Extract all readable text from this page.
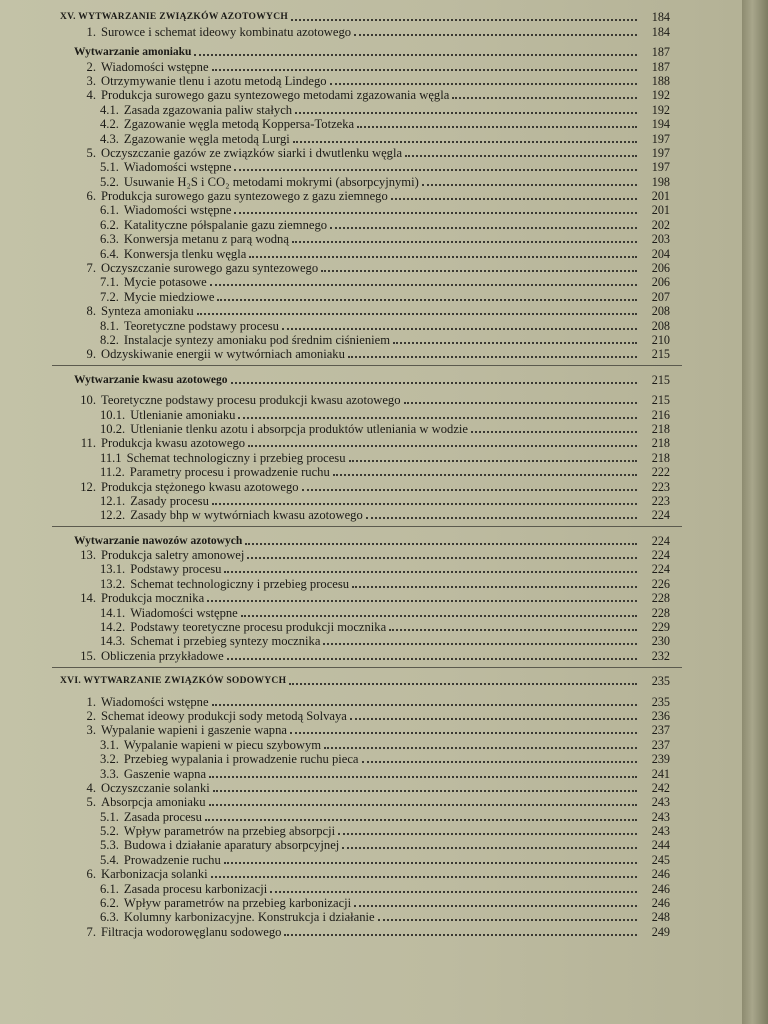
XV. WYTWARZANIE ZWIĄZKÓW AZOTOWYCH	184
1. Surowce i schemat ideowy kombinatu azotowego	184
Wytwarzanie amoniaku	187
2. Wiadomości wstępne	187
3. Otrzymywanie tlenu i azotu metodą Lindego	188
4. Produkcja surowego gazu syntezowego metodami zgazowania węgla	192
4.1. Zasada zgazowania paliw stałych	192
4.2. Zgazowanie węgla metodą Koppersa-Totzeka	194
4.3. Zgazowanie węgla metodą Lurgi	197
5. Oczyszczanie gazów ze związków siarki i dwutlenku węgla	197
5.1. Wiadomości wstępne	197
5.2. Usuwanie H₂S i CO₂ metodami mokrymi (absorpcyjnymi)	198
6. Produkcja surowego gazu syntezowego z gazu ziemnego	201
6.1. Wiadomości wstępne	201
6.2. Katalityczne półspalanie gazu ziemnego	202
6.3. Konwersja metanu z parą wodną	203
6.4. Konwersja tlenku węgla	204
7. Oczyszczanie surowego gazu syntezowego	206
7.1. Mycie potasowe	206
7.2. Mycie miedziowe	207
8. Synteza amoniaku	208
8.1. Teoretyczne podstawy procesu	208
8.2. Instalacje syntezy amoniaku pod średnim ciśnieniem	210
9. Odzyskiwanie energii w wytwórniach amoniaku	215
Wytwarzanie kwasu azotowego	215
10. Teoretyczne podstawy procesu produkcji kwasu azotowego	215
10.1. Utlenianie amoniaku	216
10.2. Utlenianie tlenku azotu i absorpcja produktów utleniania w wodzie	218
11. Produkcja kwasu azotowego	218
11.1 Schemat technologiczny i przebieg procesu	218
11.2. Parametry procesu i prowadzenie ruchu	222
12. Produkcja stężonego kwasu azotowego	223
12.1. Zasady procesu	223
12.2. Zasady bhp w wytwórniach kwasu azotowego	224
Wytwarzanie nawozów azotowych	224
13. Produkcja saletry amonowej	224
13.1. Podstawy procesu	224
13.2. Schemat technologiczny i przebieg procesu	226
14. Produkcja mocznika	228
14.1. Wiadomości wstępne	228
14.2. Podstawy teoretyczne procesu produkcji mocznika	229
14.3. Schemat i przebieg syntezy mocznika	230
15. Obliczenia przykładowe	232
XVI. WYTWARZANIE ZWIĄZKÓW SODOWYCH	235
1. Wiadomości wstępne	235
2. Schemat ideowy produkcji sody metodą Solvaya	236
3. Wypalanie wapieni i gaszenie wapna	237
3.1. Wypalanie wapieni w piecu szybowym	237
3.2. Przebieg wypalania i prowadzenie ruchu pieca	239
3.3. Gaszenie wapna	241
4. Oczyszczanie solanki	242
5. Absorpcja amoniaku	243
5.1. Zasada procesu	243
5.2. Wpływ parametrów na przebieg absorpcji	243
5.3. Budowa i działanie aparatury absorpcyjnej	244
5.4. Prowadzenie ruchu	245
6. Karbonizacja solanki	246
6.1. Zasada procesu karbonizacji	246
6.2. Wpływ parametrów na przebieg karbonizacji	246
6.3. Kolumny karbonizacyjne. Konstrukcja i działanie	248
7. Filtracja wodorowęglanu sodowego	249
